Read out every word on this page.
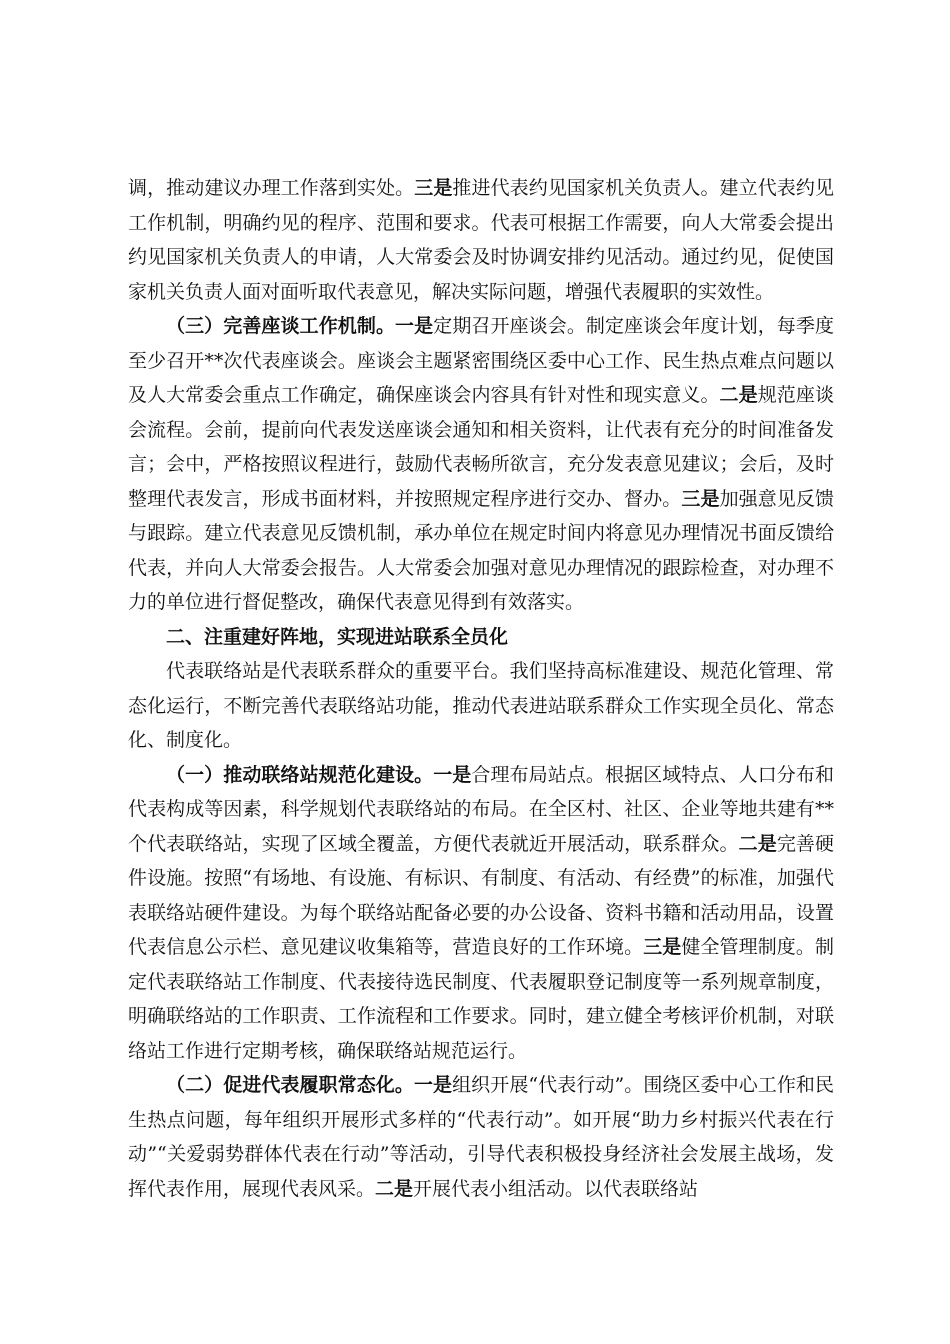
调，推动建议办理工作落到实处。三是推进代表约见国家机关负责人。建立代表约见工作机制，明确约见的程序、范围和要求。代表可根据工作需要，向人大常委会提出约见国家机关负责人的申请，人大常委会及时协调安排约见活动。通过约见，促使国家机关负责人面对面听取代表意见，解决实际问题，增强代表履职的实效性。

（三）完善座谈工作机制。一是定期召开座谈会。制定座谈会年度计划，每季度至少召开**次代表座谈会。座谈会主题紧密围绕区委中心工作、民生热点难点问题以及人大常委会重点工作确定，确保座谈会内容具有针对性和现实意义。二是规范座谈会流程。会前，提前向代表发送座谈会通知和相关资料，让代表有充分的时间准备发言；会中，严格按照议程进行，鼓励代表畅所欲言，充分发表意见建议；会后，及时整理代表发言，形成书面材料，并按照规定程序进行交办、督办。三是加强意见反馈与跟踪。建立代表意见反馈机制，承办单位在规定时间内将意见办理情况书面反馈给代表，并向人大常委会报告。人大常委会加强对意见办理情况的跟踪检查，对办理不力的单位进行督促整改，确保代表意见得到有效落实。

二、注重建好阵地，实现进站联系全员化

代表联络站是代表联系群众的重要平台。我们坚持高标准建设、规范化管理、常态化运行，不断完善代表联络站功能，推动代表进站联系群众工作实现全员化、常态化、制度化。

（一）推动联络站规范化建设。一是合理布局站点。根据区域特点、人口分布和代表构成等因素，科学规划代表联络站的布局。在全区村、社区、企业等地共建有**个代表联络站，实现了区域全覆盖，方便代表就近开展活动，联系群众。二是完善硬件设施。按照“有场地、有设施、有标识、有制度、有活动、有经费”的标准，加强代表联络站硬件建设。为每个联络站配备必要的办公设备、资料书籍和活动用品，设置代表信息公示栏、意见建议收集箱等，营造良好的工作环境。三是健全管理制度。制定代表联络站工作制度、代表接待选民制度、代表履职登记制度等一系列规章制度，明确联络站的工作职责、工作流程和工作要求。同时，建立健全考核评价机制，对联络站工作进行定期考核，确保联络站规范运行。

（二）促进代表履职常态化。一是组织开展“代表行动”。围绕区委中心工作和民生热点问题，每年组织开展形式多样的“代表行动”。如开展“助力乡村振兴代表在行动”“关爱弱势群体代表在行动”等活动，引导代表积极投身经济社会发展主战场，发挥代表作用，展现代表风采。二是开展代表小组活动。以代表联络站
